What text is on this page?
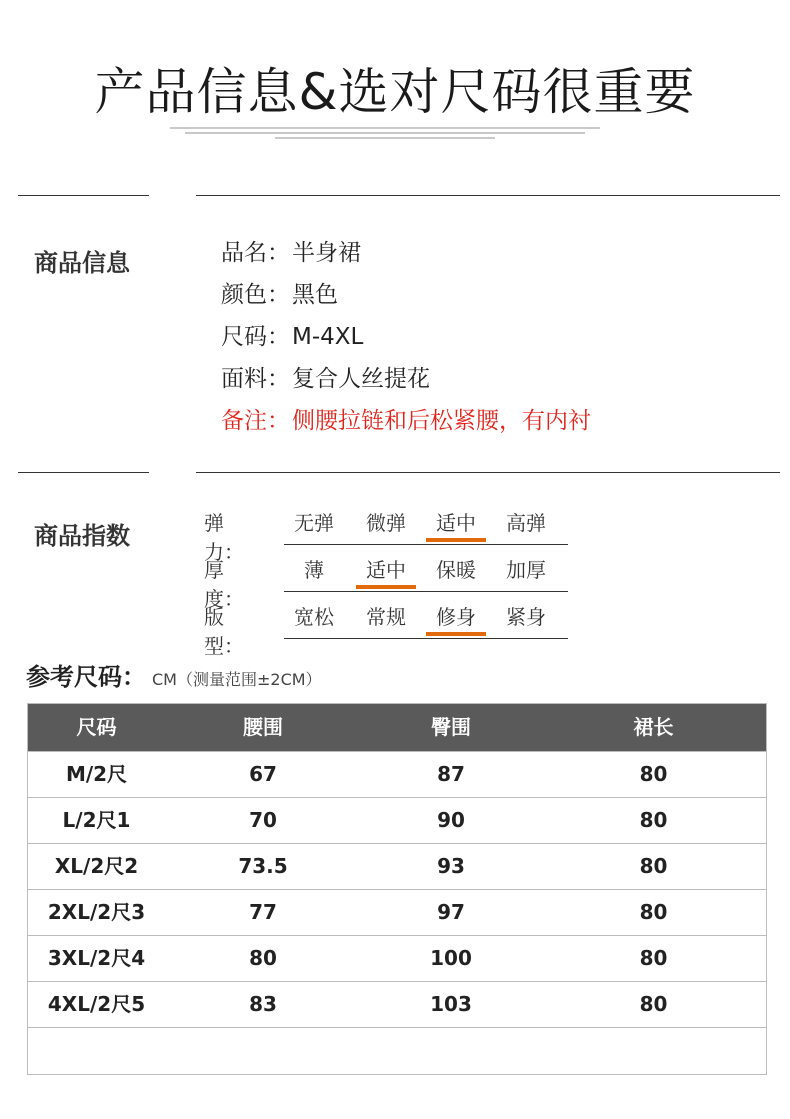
产品信息&选对尺码很重要
商品信息	品名：半身裙
颜色：黑色
尺码：M-4XL
面料：复合人丝提花
备注：侧腰拉链和后松紧腰，有内衬
商品指数	弹力：
无弹	微弹	适中	高弹
厚度：
薄	适中	保暖	加厚
版型：
宽松	常规	修身	紧身
参考尺码： CM（测量范围±2CM）
尺码	腰围	臀围	裙长
M/2尺	67	87	80
L/2尺1	70	90	80
XL/2尺2	73.5	93	80
2XL/2尺3	77	97	80
3XL/2尺4	80	100	80
4XL/2尺5	83	103	80
